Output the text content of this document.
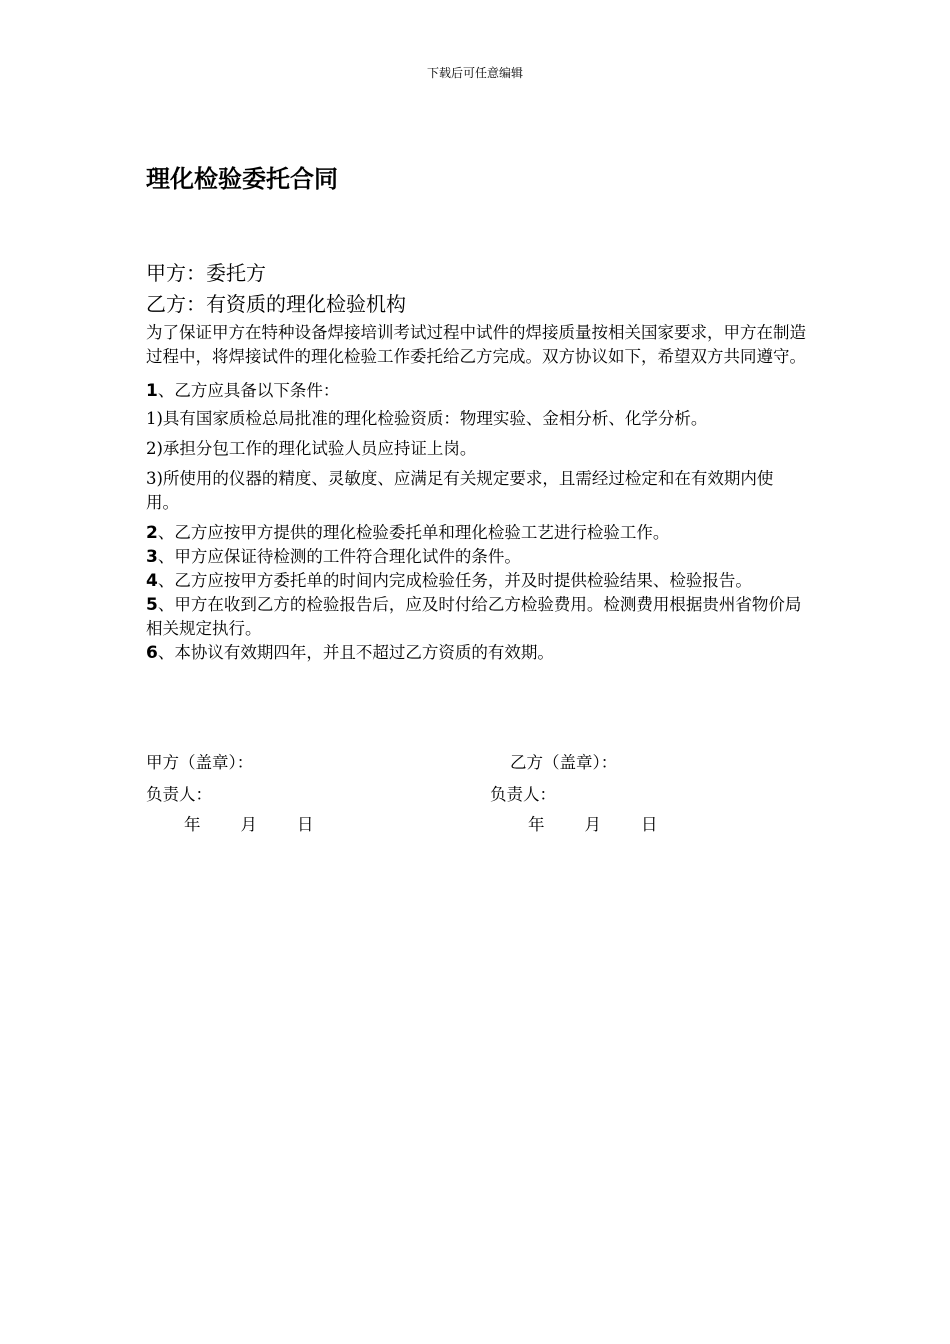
下载后可任意编辑
理化检验委托合同
甲方：委托方
乙方：有资质的理化检验机构

为了保证甲方在特种设备焊接培训考试过程中试件的焊接质量按相关国家要求，甲方在制造过程中，将焊接试件的理化检验工作委托给乙方完成。双方协议如下，希望双方共同遵守。

1、乙方应具备以下条件：

1)具有国家质检总局批准的理化检验资质：物理实验、金相分析、化学分析。

2)承担分包工作的理化试验人员应持证上岗。

3)所使用的仪器的精度、灵敏度、应满足有关规定要求，且需经过检定和在有效期内使用。

2、乙方应按甲方提供的理化检验委托单和理化检验工艺进行检验工作。

3、甲方应保证待检测的工件符合理化试件的条件。

4、乙方应按甲方委托单的时间内完成检验任务，并及时提供检验结果、检验报告。

5、甲方在收到乙方的检验报告后，应及时付给乙方检验费用。检测费用根据贵州省物价局相关规定执行。

6、本协议有效期四年，并且不超过乙方资质的有效期。

甲方（盖章）：	乙方（盖章）：
负责人：	负责人：
年 月 日	年 月 日
